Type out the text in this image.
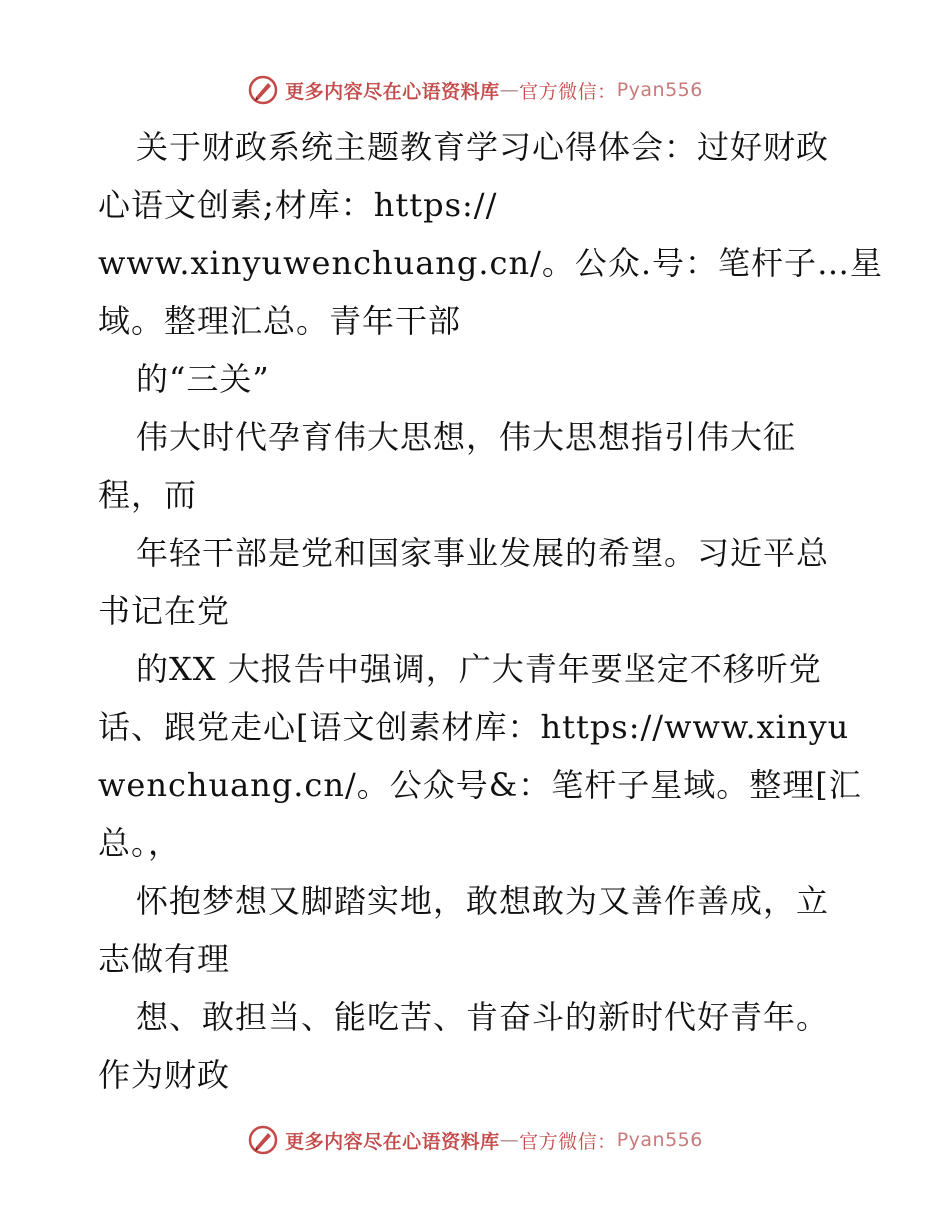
更多内容尽在心语资料库 — 官方微信： Pyan556
关于财政系统主题教育学习心得体会：过好财政
心语文创素;材库：https://
www.xinyuwenchuang.cn/。公众.号：笔杆子…星
域。整理汇总。青年干部
的“三关”
伟大时代孕育伟大思想，伟大思想指引伟大征
程，而
年轻干部是党和国家事业发展的希望。习近平总
书记在党
的XX 大报告中强调，广大青年要坚定不移听党
话、跟党走心[语文创素材库：https://www.xinyu
wenchuang.cn/。公众号&：笔杆子星域。整理[汇
总。，
怀抱梦想又脚踏实地，敢想敢为又善作善成，立
志做有理
想、敢担当、能吃苦、肯奋斗的新时代好青年。
作为财政
更多内容尽在心语资料库 — 官方微信： Pyan556
